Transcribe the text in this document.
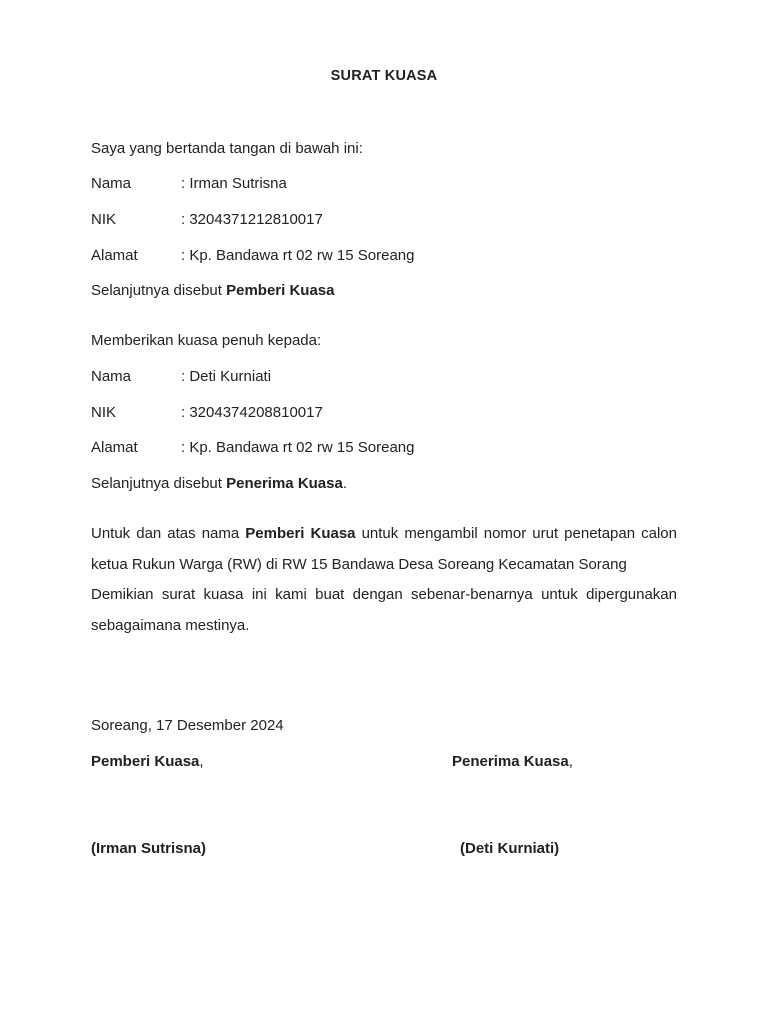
SURAT KUASA
Saya yang bertanda tangan di bawah ini:
Nama	: Irman Sutrisna
NIK	: 3204371212810017
Alamat	: Kp. Bandawa rt 02 rw 15 Soreang
Selanjutnya disebut Pemberi Kuasa
Memberikan kuasa penuh kepada:
Nama	: Deti Kurniati
NIK	: 3204374208810017
Alamat	: Kp. Bandawa rt 02 rw 15 Soreang
Selanjutnya disebut Penerima Kuasa.
Untuk dan atas nama Pemberi Kuasa untuk mengambil nomor urut penetapan calon
ketua Rukun Warga (RW) di RW 15 Bandawa Desa Soreang Kecamatan Sorang
Demikian surat kuasa ini kami buat dengan sebenar-benarnya untuk dipergunakan
sebagaimana mestinya.
Soreang, 17 Desember 2024
Pemberi Kuasa,	Penerima Kuasa,
(Irman Sutrisna)	(Deti Kurniati)
